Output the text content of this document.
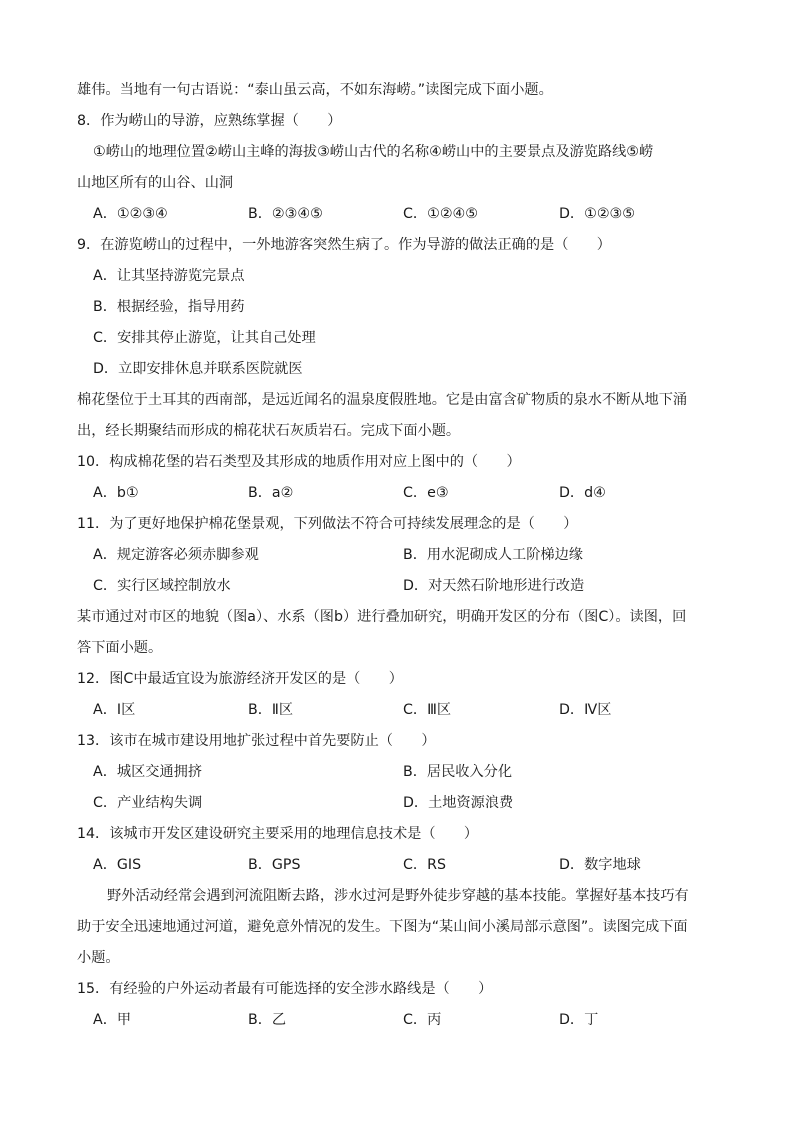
雄伟。当地有一句古语说：“泰山虽云高，不如东海崂。”读图完成下面小题。
8．作为崂山的导游，应熟练掌握（　　）
①崂山的地理位置②崂山主峰的海拔③崂山古代的名称④崂山中的主要景点及游览路线⑤崂
山地区所有的山谷、山洞
A．①②③④	B．②③④⑤	C．①②④⑤	D．①②③⑤
9．在游览崂山的过程中，一外地游客突然生病了。作为导游的做法正确的是（　　）
A．让其坚持游览完景点
B．根据经验，指导用药
C．安排其停止游览，让其自己处理
D．立即安排休息并联系医院就医
棉花堡位于土耳其的西南部，是远近闻名的温泉度假胜地。它是由富含矿物质的泉水不断从地下涌
出，经长期聚结而形成的棉花状石灰质岩石。完成下面小题。
10．构成棉花堡的岩石类型及其形成的地质作用对应上图中的（　　）
A．b①	B．a②	C．e③	D．d④
11．为了更好地保护棉花堡景观，下列做法不符合可持续发展理念的是（　　）
A．规定游客必须赤脚参观	B．用水泥砌成人工阶梯边缘
C．实行区域控制放水	D．对天然石阶地形进行改造
某市通过对市区的地貌（图a）、水系（图b）进行叠加研究，明确开发区的分布（图C）。读图，回
答下面小题。
12．图C中最适宜设为旅游经济开发区的是（　　）
A．I区	B．Ⅱ区	C．Ⅲ区	D．Ⅳ区
13．该市在城市建设用地扩张过程中首先要防止（　　）
A．城区交通拥挤	B．居民收入分化
C．产业结构失调	D．土地资源浪费
14．该城市开发区建设研究主要采用的地理信息技术是（　　）
A．GIS	B．GPS	C．RS	D．数字地球
野外活动经常会遇到河流阻断去路，涉水过河是野外徒步穿越的基本技能。掌握好基本技巧有
助于安全迅速地通过河道，避免意外情况的发生。下图为“某山间小溪局部示意图”。读图完成下面
小题。
15．有经验的户外运动者最有可能选择的安全涉水路线是（　　）
A．甲	B．乙	C．丙	D．丁
